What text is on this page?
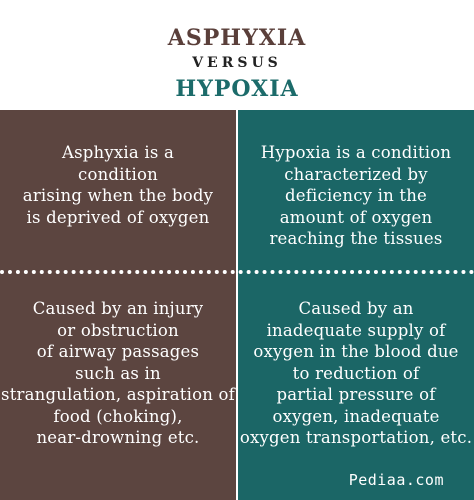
ASPHYXIA
VERSUS
HYPOXIA
Asphyxia is a
condition
arising when the body
is deprived of oxygen
Caused by an injury
or obstruction
of airway passages
such as in
strangulation, aspiration of
food (choking),
near-drowning etc.
Hypoxia is a condition
characterized by
deficiency in the
amount of oxygen
reaching the tissues
Caused by an
inadequate supply of
oxygen in the blood due
to reduction of
partial pressure of
oxygen, inadequate
oxygen transportation, etc.
Pediaa.com
